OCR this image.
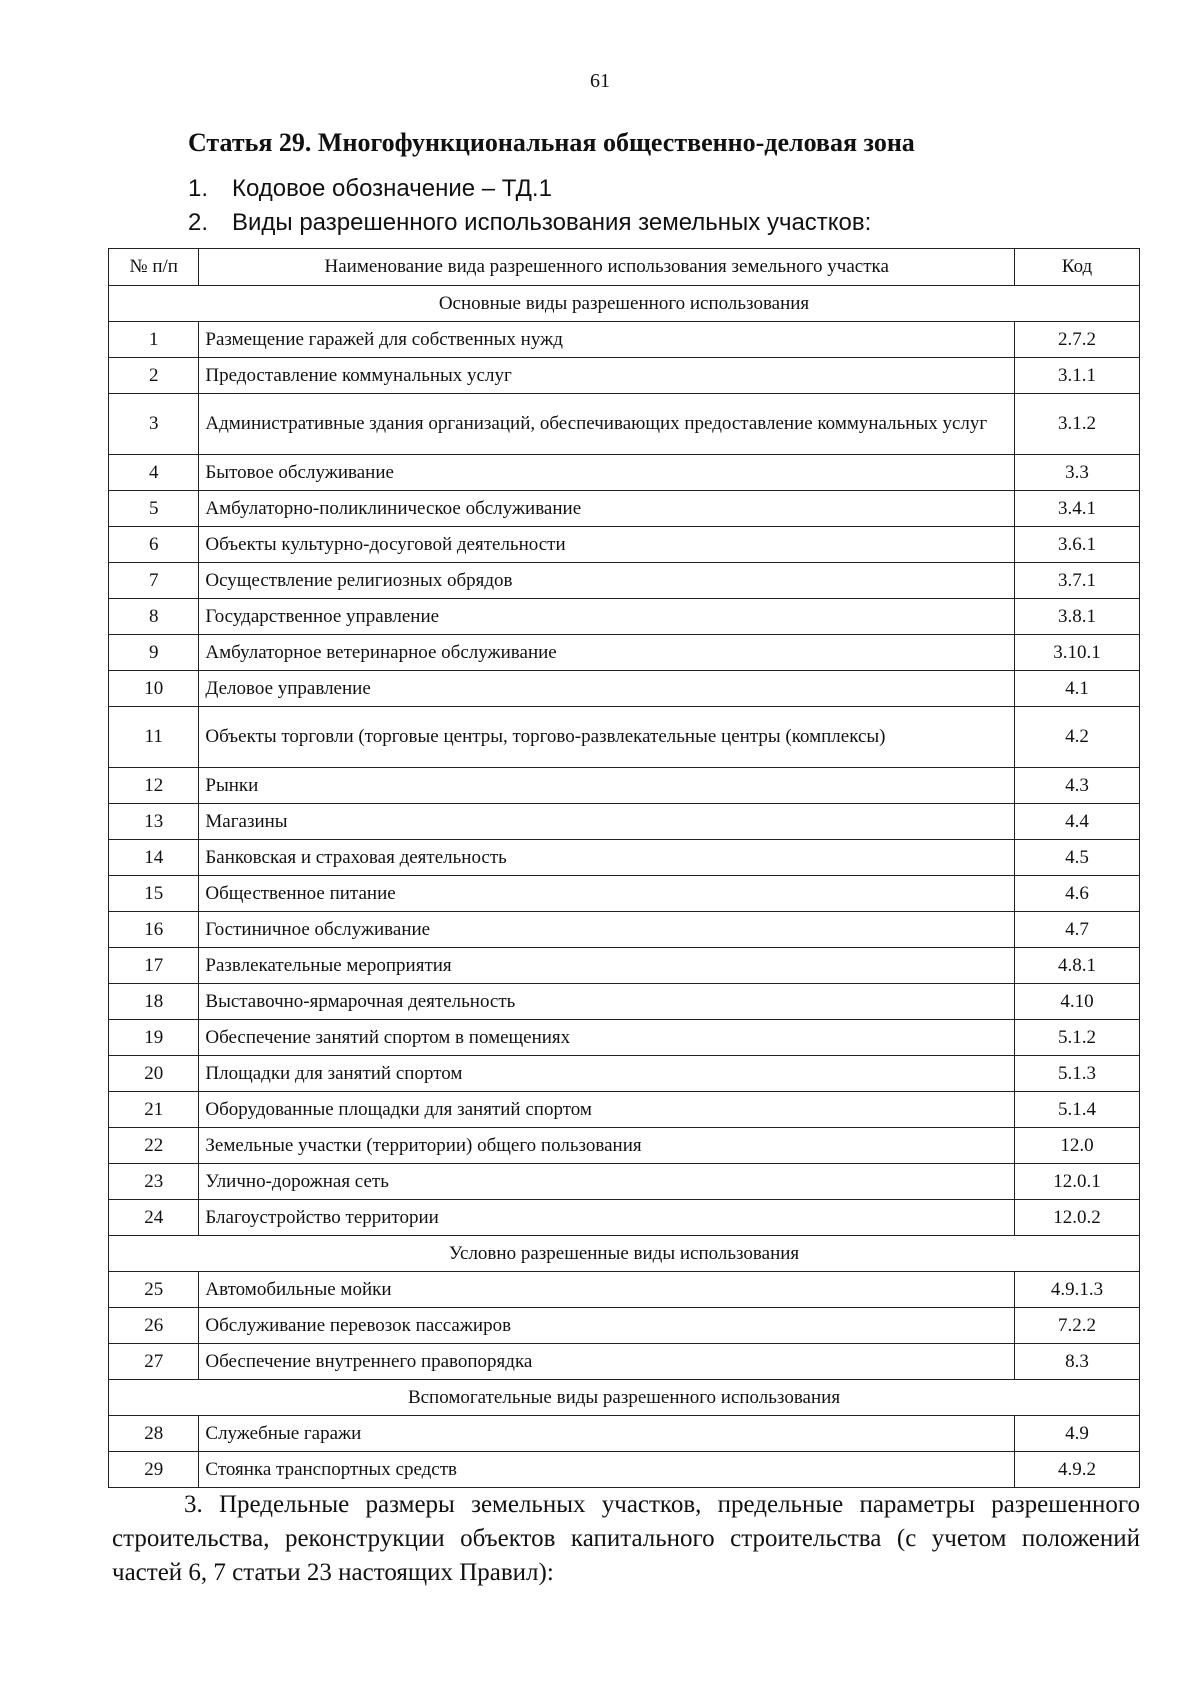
61
Статья 29. Многофункциональная общественно-деловая зона
1. Кодовое обозначение – ТД.1
2. Виды разрешенного использования земельных участков:
№ п/п	Наименование вида разрешенного использования земельного участка	Код
Основные виды разрешенного использования		
1	Размещение гаражей для собственных нужд	2.7.2
2	Предоставление коммунальных услуг	3.1.1
3	Административные здания организаций, обеспечивающих предоставление коммунальных услуг	3.1.2
4	Бытовое обслуживание	3.3
5	Амбулаторно-поликлиническое обслуживание	3.4.1
6	Объекты культурно-досуговой деятельности	3.6.1
7	Осуществление религиозных обрядов	3.7.1
8	Государственное управление	3.8.1
9	Амбулаторное ветеринарное обслуживание	3.10.1
10	Деловое управление	4.1
11	Объекты торговли (торговые центры, торгово-развлекательные центры (комплексы)	4.2
12	Рынки	4.3
13	Магазины	4.4
14	Банковская и страховая деятельность	4.5
15	Общественное питание	4.6
16	Гостиничное обслуживание	4.7
17	Развлекательные мероприятия	4.8.1
18	Выставочно-ярмарочная деятельность	4.10
19	Обеспечение занятий спортом в помещениях	5.1.2
20	Площадки для занятий спортом	5.1.3
21	Оборудованные площадки для занятий спортом	5.1.4
22	Земельные участки (территории) общего пользования	12.0
23	Улично-дорожная сеть	12.0.1
24	Благоустройство территории	12.0.2
Условно разрешенные виды использования		
25	Автомобильные мойки	4.9.1.3
26	Обслуживание перевозок пассажиров	7.2.2
27	Обеспечение внутреннего правопорядка	8.3
Вспомогательные виды разрешенного использования		
28	Служебные гаражи	4.9
29	Стоянка транспортных средств	4.9.2
3. Предельные размеры земельных участков, предельные параметры разрешенного строительства, реконструкции объектов капитального строительства (с учетом положений частей 6, 7 статьи 23 настоящих Правил):
